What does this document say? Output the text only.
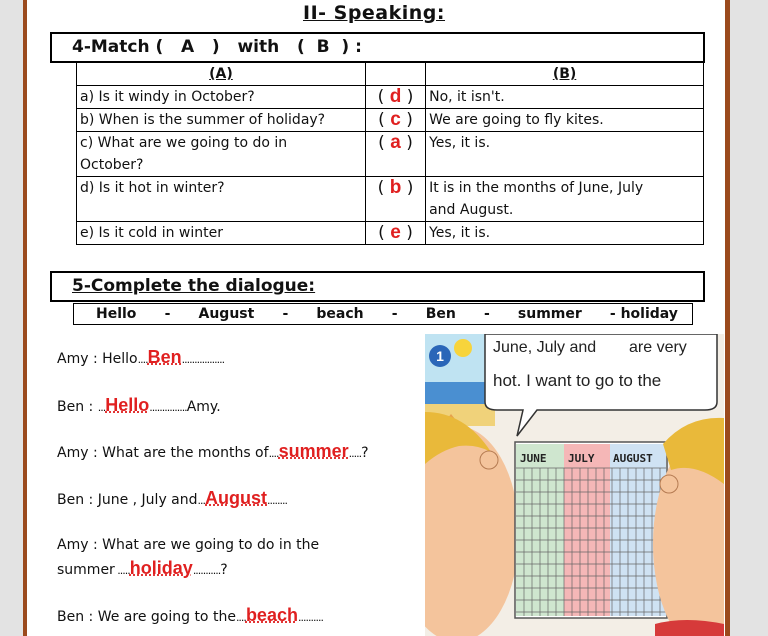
II- Speaking:
4-Match (   A   )   with   (  B  ) :
(A)		(B)
a) Is it windy in October?	( d )	No, it isn't.
b) When is the summer of holiday?	( c )	We are going to fly kites.
c) What are we going to do in
October?	( a )	Yes, it is.
d) Is it hot in winter?	( b )	It is in the months of June, July
and August.
e) Is it cold in winter	( e )	Yes, it is.
5-Complete the dialogue:
Hello - August - beach - Ben - summer - holiday
Amy : Hello....Ben.................
Ben : ...Hello...............Amy.
Amy : What are the months of....summer.....?
Ben : June , July and...August........
Amy : What are we going to do in the
summer .....holiday...........?
Ben : We are going to the....beach..........
1	June, July and are very
hot. I want to go to the
JUNE JULY AUGUST
